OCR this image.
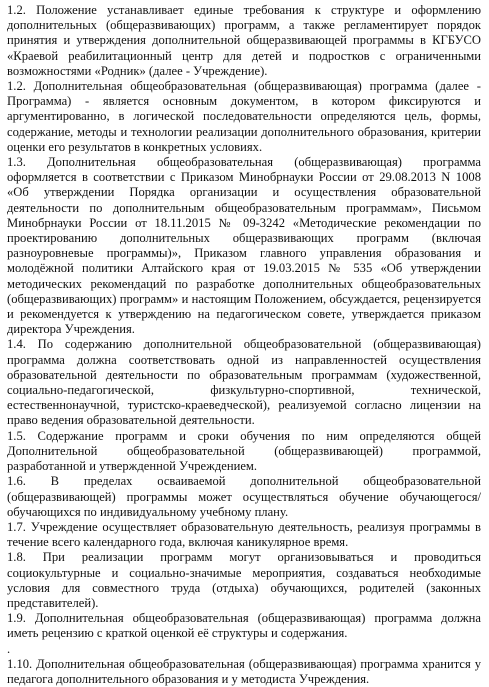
1.2. Положение устанавливает единые требования к структуре и оформлению дополнительных (общеразвивающих) программ, а также регламентирует порядок принятия и утверждения дополнительной общеразвивающей программы в КГБУСО «Краевой реабилитационный центр для детей и подростков с ограниченными возможностями «Родник» (далее - Учреждение).

1.2. Дополнительная общеобразовательная (общеразвивающая) программа (далее - Программа) - является основным документом, в котором фиксируются и аргументированно, в логической последовательности определяются цель, формы, содержание, методы и технологии реализации дополнительного образования, критерии оценки его результатов в конкретных условиях.

1.3. Дополнительная общеобразовательная (общеразвивающая) программа оформляется в соответствии с Приказом Минобрнауки России от 29.08.2013 N 1008 «Об утверждении Порядка организации и осуществления образовательной деятельности по дополнительным общеобразовательным программам», Письмом Минобрнауки России от 18.11.2015 № 09-3242 «Методические рекомендации по проектированию дополнительных общеразвивающих программ (включая разноуровневые программы)», Приказом главного управления образования и молодёжной политики Алтайского края от 19.03.2015 № 535 «Об утверждении методических рекомендаций по разработке дополнительных общеобразовательных (общеразвивающих) программ» и настоящим Положением, обсуждается, рецензируется и рекомендуется к утверждению на педагогическом совете, утверждается приказом директора Учреждения.

1.4. По содержанию дополнительной общеобразовательной (общеразвивающая) программа должна соответствовать одной из направленностей осуществления образовательной деятельности по образовательным программам (художественной, социально-педагогической, физкультурно-спортивной, технической, естественнонаучной, туристско-краеведческой), реализуемой согласно лицензии на право ведения образовательной деятельности.

1.5. Содержание программ и сроки обучения по ним определяются общей Дополнительной общеобразовательной (общеразвивающей) программой, разработанной и утвержденной Учреждением.

1.6. В пределах осваиваемой дополнительной общеобразовательной (общеразвивающей) программы может осуществляться обучение обучающегося/обучающихся по индивидуальному учебному плану.

1.7. Учреждение осуществляет образовательную деятельность, реализуя программы в течение всего календарного года, включая каникулярное время.

1.8. При реализации программ могут организовываться и проводиться социокультурные и социально-значимые мероприятия, создаваться необходимые условия для совместного труда (отдыха) обучающихся, родителей (законных представителей).

1.9. Дополнительная общеобразовательная (общеразвивающая) программа должна иметь рецензию с краткой оценкой её структуры и содержания.

.

1.10. Дополнительная общеобразовательная (общеразвивающая) программа хранится у педагога дополнительного образования и у методиста Учреждения.
